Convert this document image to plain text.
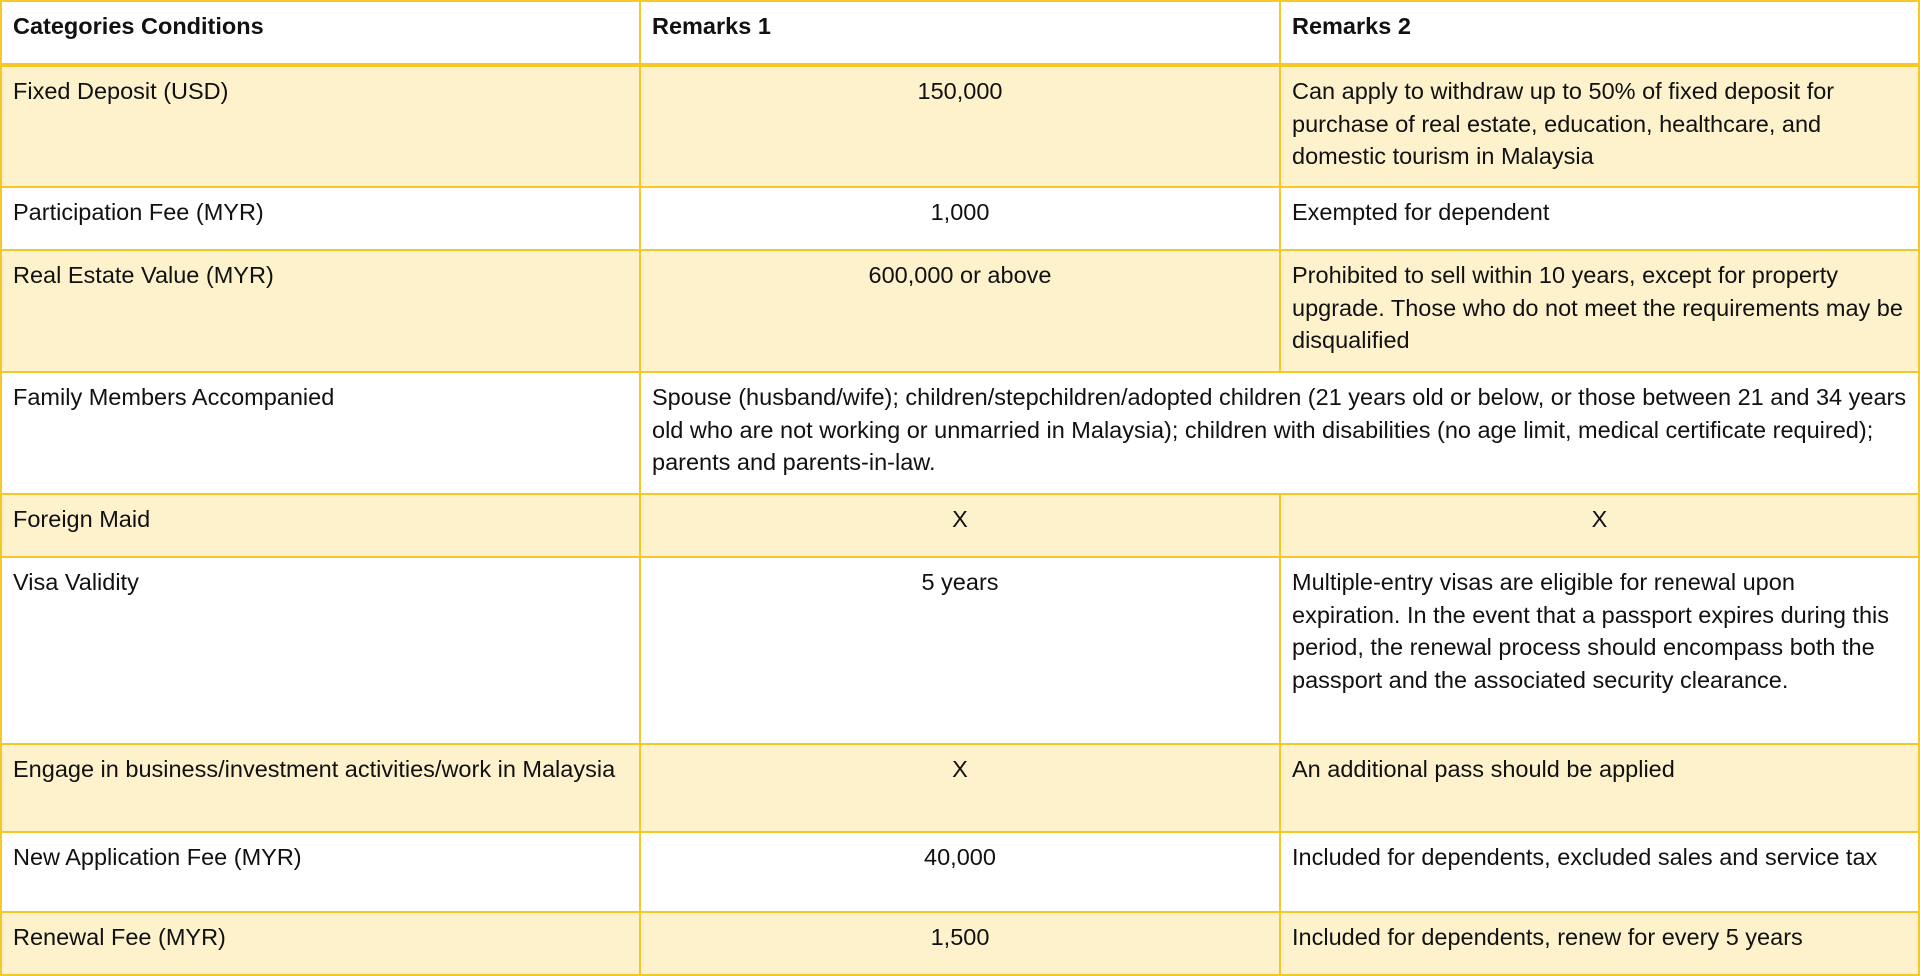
Categories Conditions	Remarks 1	Remarks 2
Fixed Deposit (USD)	150,000	Can apply to withdraw up to 50% of fixed deposit for purchase of real estate, education, healthcare, and domestic tourism in Malaysia
Participation Fee (MYR)	1,000	Exempted for dependent
Real Estate Value (MYR)	600,000 or above	Prohibited to sell within 10 years, except for property upgrade. Those who do not meet the requirements may be disqualified
Family Members Accompanied	Spouse (husband/wife); children/stepchildren/adopted children (21 years old or below, or those between 21 and 34 years old who are not working or unmarried in Malaysia); children with disabilities (no age limit, medical certificate required); parents and parents-in-law.	
Foreign Maid	X	X
Visa Validity	5 years	Multiple-entry visas are eligible for renewal upon expiration. In the event that a passport expires during this period, the renewal process should encompass both the passport and the associated security clearance.
Engage in business/investment activities/work in Malaysia	X	An additional pass should be applied
New Application Fee (MYR)	40,000	Included for dependents, excluded sales and service tax
Renewal Fee (MYR)	1,500	Included for dependents, renew for every 5 years
